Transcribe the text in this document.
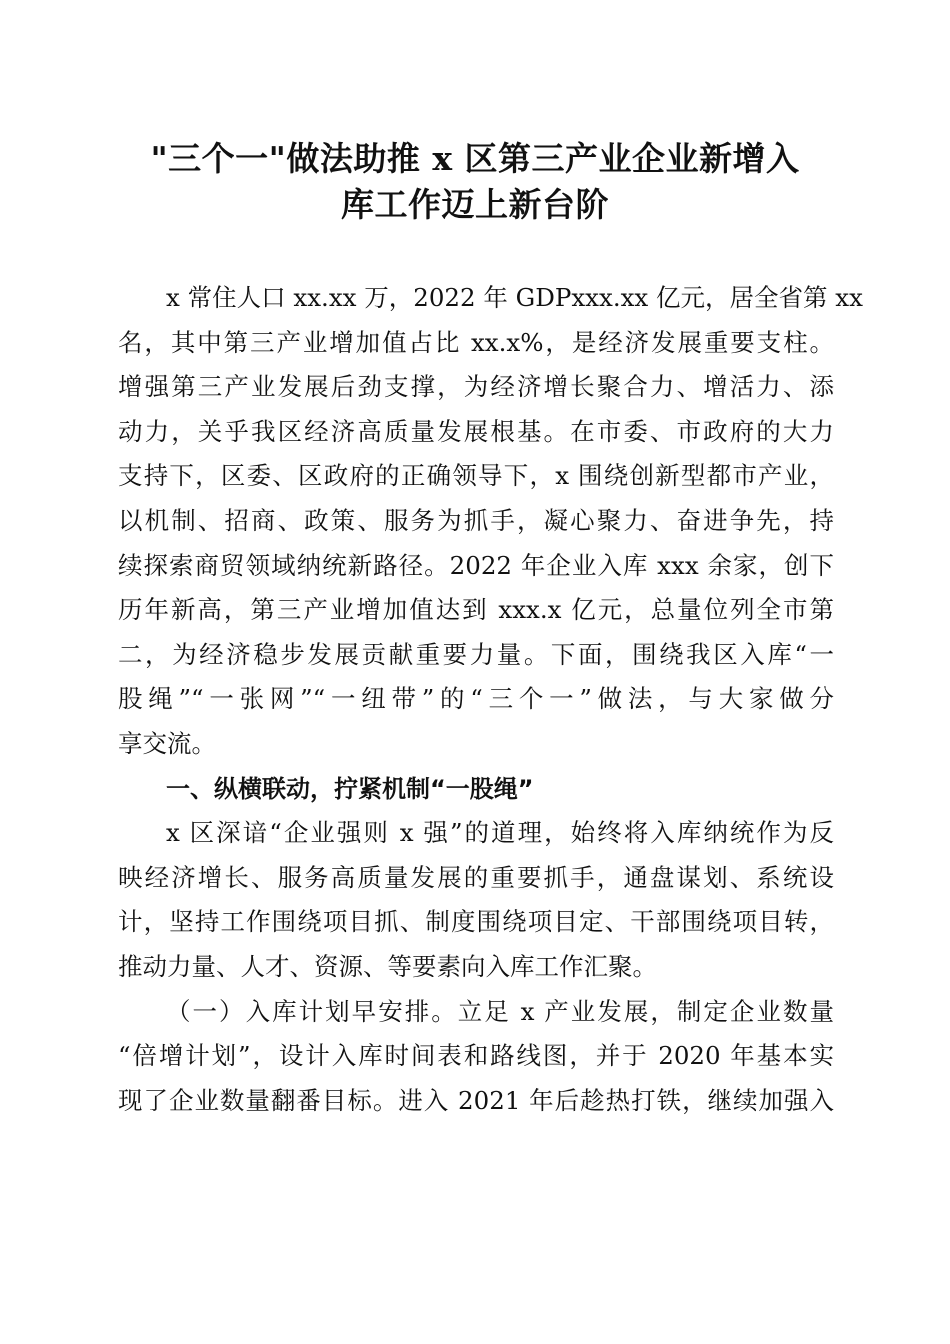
"三个一"做法助推 x 区第三产业企业新增入
库工作迈上新台阶
x 常住人口 xx.xx 万，2022 年 GDPxxx.xx 亿元，居全省第 xx
名，其中第三产业增加值占比 xx.x%，是经济发展重要支柱。
增强第三产业发展后劲支撑，为经济增长聚合力、增活力、添
动力，关乎我区经济高质量发展根基。在市委、市政府的大力
支持下，区委、区政府的正确领导下，x 围绕创新型都市产业，
以机制、招商、政策、服务为抓手，凝心聚力、奋进争先，持
续探索商贸领域纳统新路径。2022 年企业入库 xxx 余家，创下
历年新高，第三产业增加值达到 xxx.x 亿元，总量位列全市第
二，为经济稳步发展贡献重要力量。下面，围绕我区入库“一
股绳”“一张网”“一纽带”的“三个一”做法，与大家做分
享交流。
一、纵横联动，拧紧机制“一股绳”
x 区深谙“企业强则 x 强”的道理，始终将入库纳统作为反
映经济增长、服务高质量发展的重要抓手，通盘谋划、系统设
计，坚持工作围绕项目抓、制度围绕项目定、干部围绕项目转，
推动力量、人才、资源、等要素向入库工作汇聚。
（一）入库计划早安排。立足 x 产业发展，制定企业数量
“倍增计划”，设计入库时间表和路线图，并于 2020 年基本实
现了企业数量翻番目标。进入 2021 年后趁热打铁，继续加强入
